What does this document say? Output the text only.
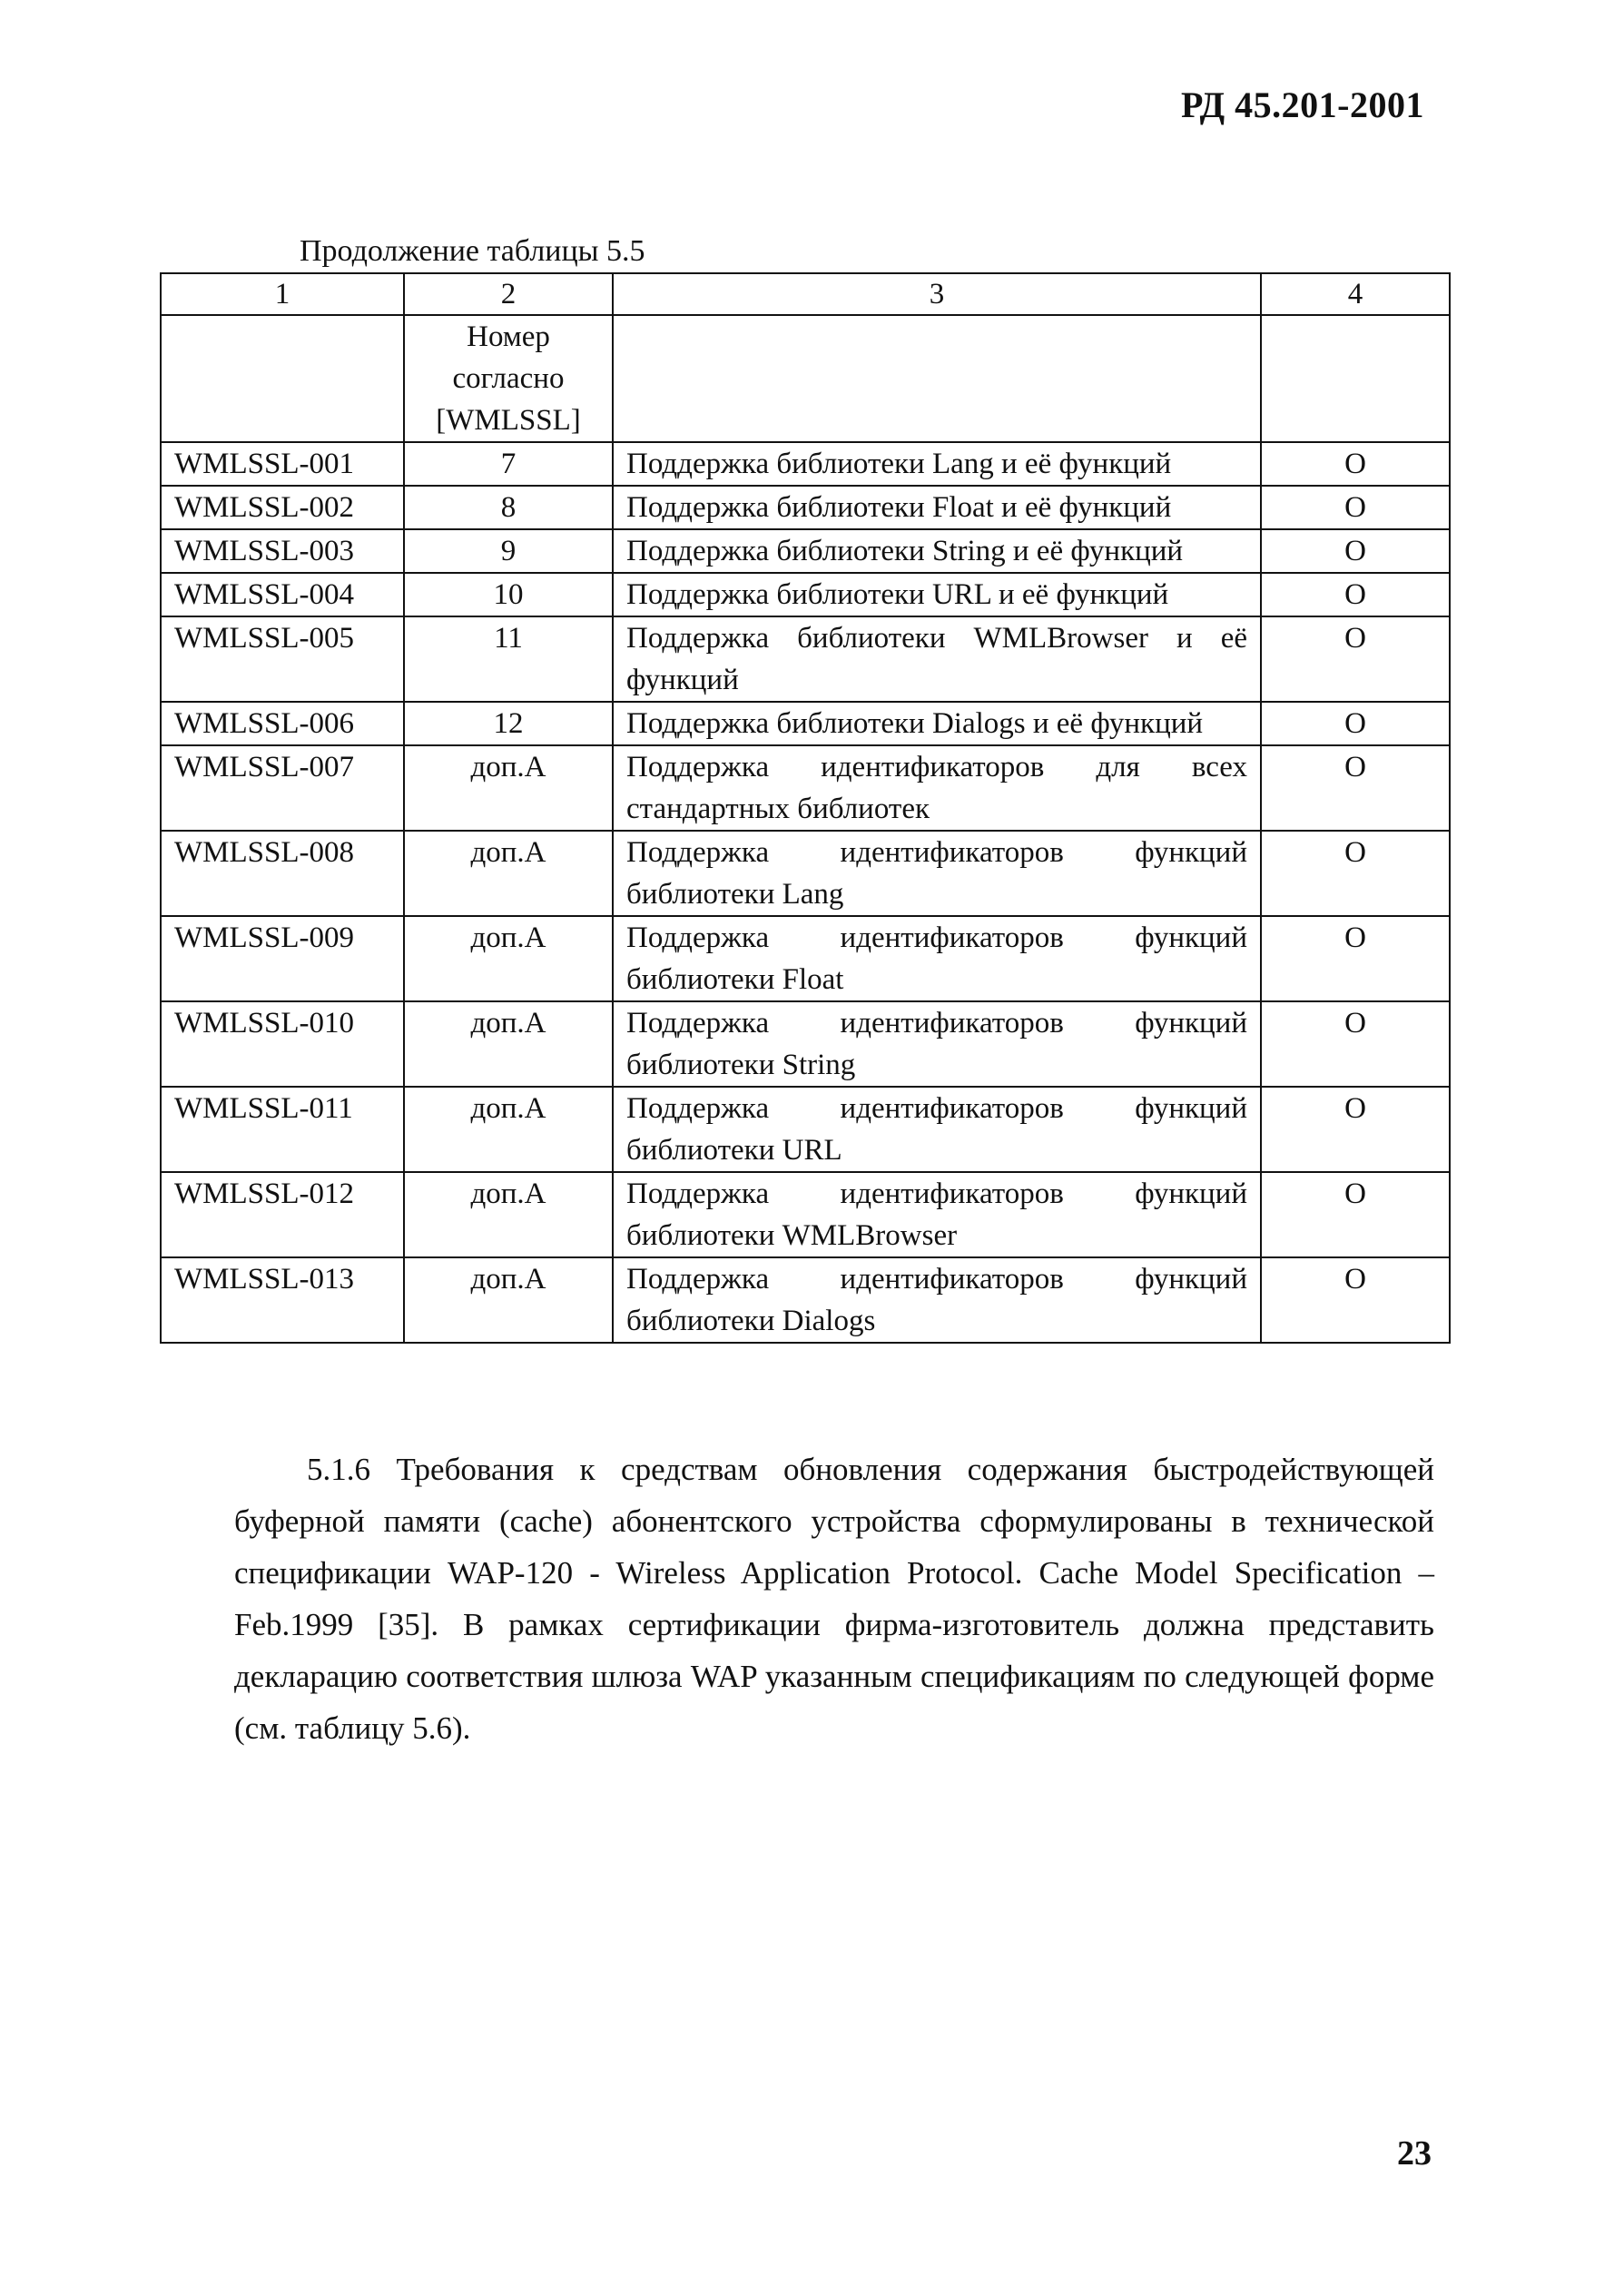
РД 45.201-2001
Продолжение таблицы 5.5
1	2	3	4
	Номер согласно [WMLSSL]		
WMLSSL-001	7	Поддержка библиотеки Lang и её функций	O
WMLSSL-002	8	Поддержка библиотеки Float и её функций	O
WMLSSL-003	9	Поддержка библиотеки String и её функций	O
WMLSSL-004	10	Поддержка библиотеки URL и её функций	O
WMLSSL-005	11	Поддержка библиотеки WMLBrowser и её функций	O
WMLSSL-006	12	Поддержка библиотеки Dialogs и её функций	O
WMLSSL-007	доп.А	Поддержка идентификаторов для всех стандартных библиотек	O
WMLSSL-008	доп.А	Поддержка идентификаторов функций библиотеки Lang	O
WMLSSL-009	доп.А	Поддержка идентификаторов функций библиотеки Float	O
WMLSSL-010	доп.А	Поддержка идентификаторов функций библиотеки String	O
WMLSSL-011	доп.А	Поддержка идентификаторов функций библиотеки URL	O
WMLSSL-012	доп.А	Поддержка идентификаторов функций библиотеки WMLBrowser	O
WMLSSL-013	доп.А	Поддержка идентификаторов функций библиотеки Dialogs	O
5.1.6 Требования к средствам обновления содержания быстродействующей буферной памяти (cache) абонентского устройства сформулированы в технической спецификации WAP-120 - Wireless Application Protocol. Cache Model Specification – Feb.1999 [35]. В рамках сертификации фирма-изготовитель должна представить декларацию соответствия шлюза WAP указанным спецификациям по следующей форме (см. таблицу 5.6).
23
